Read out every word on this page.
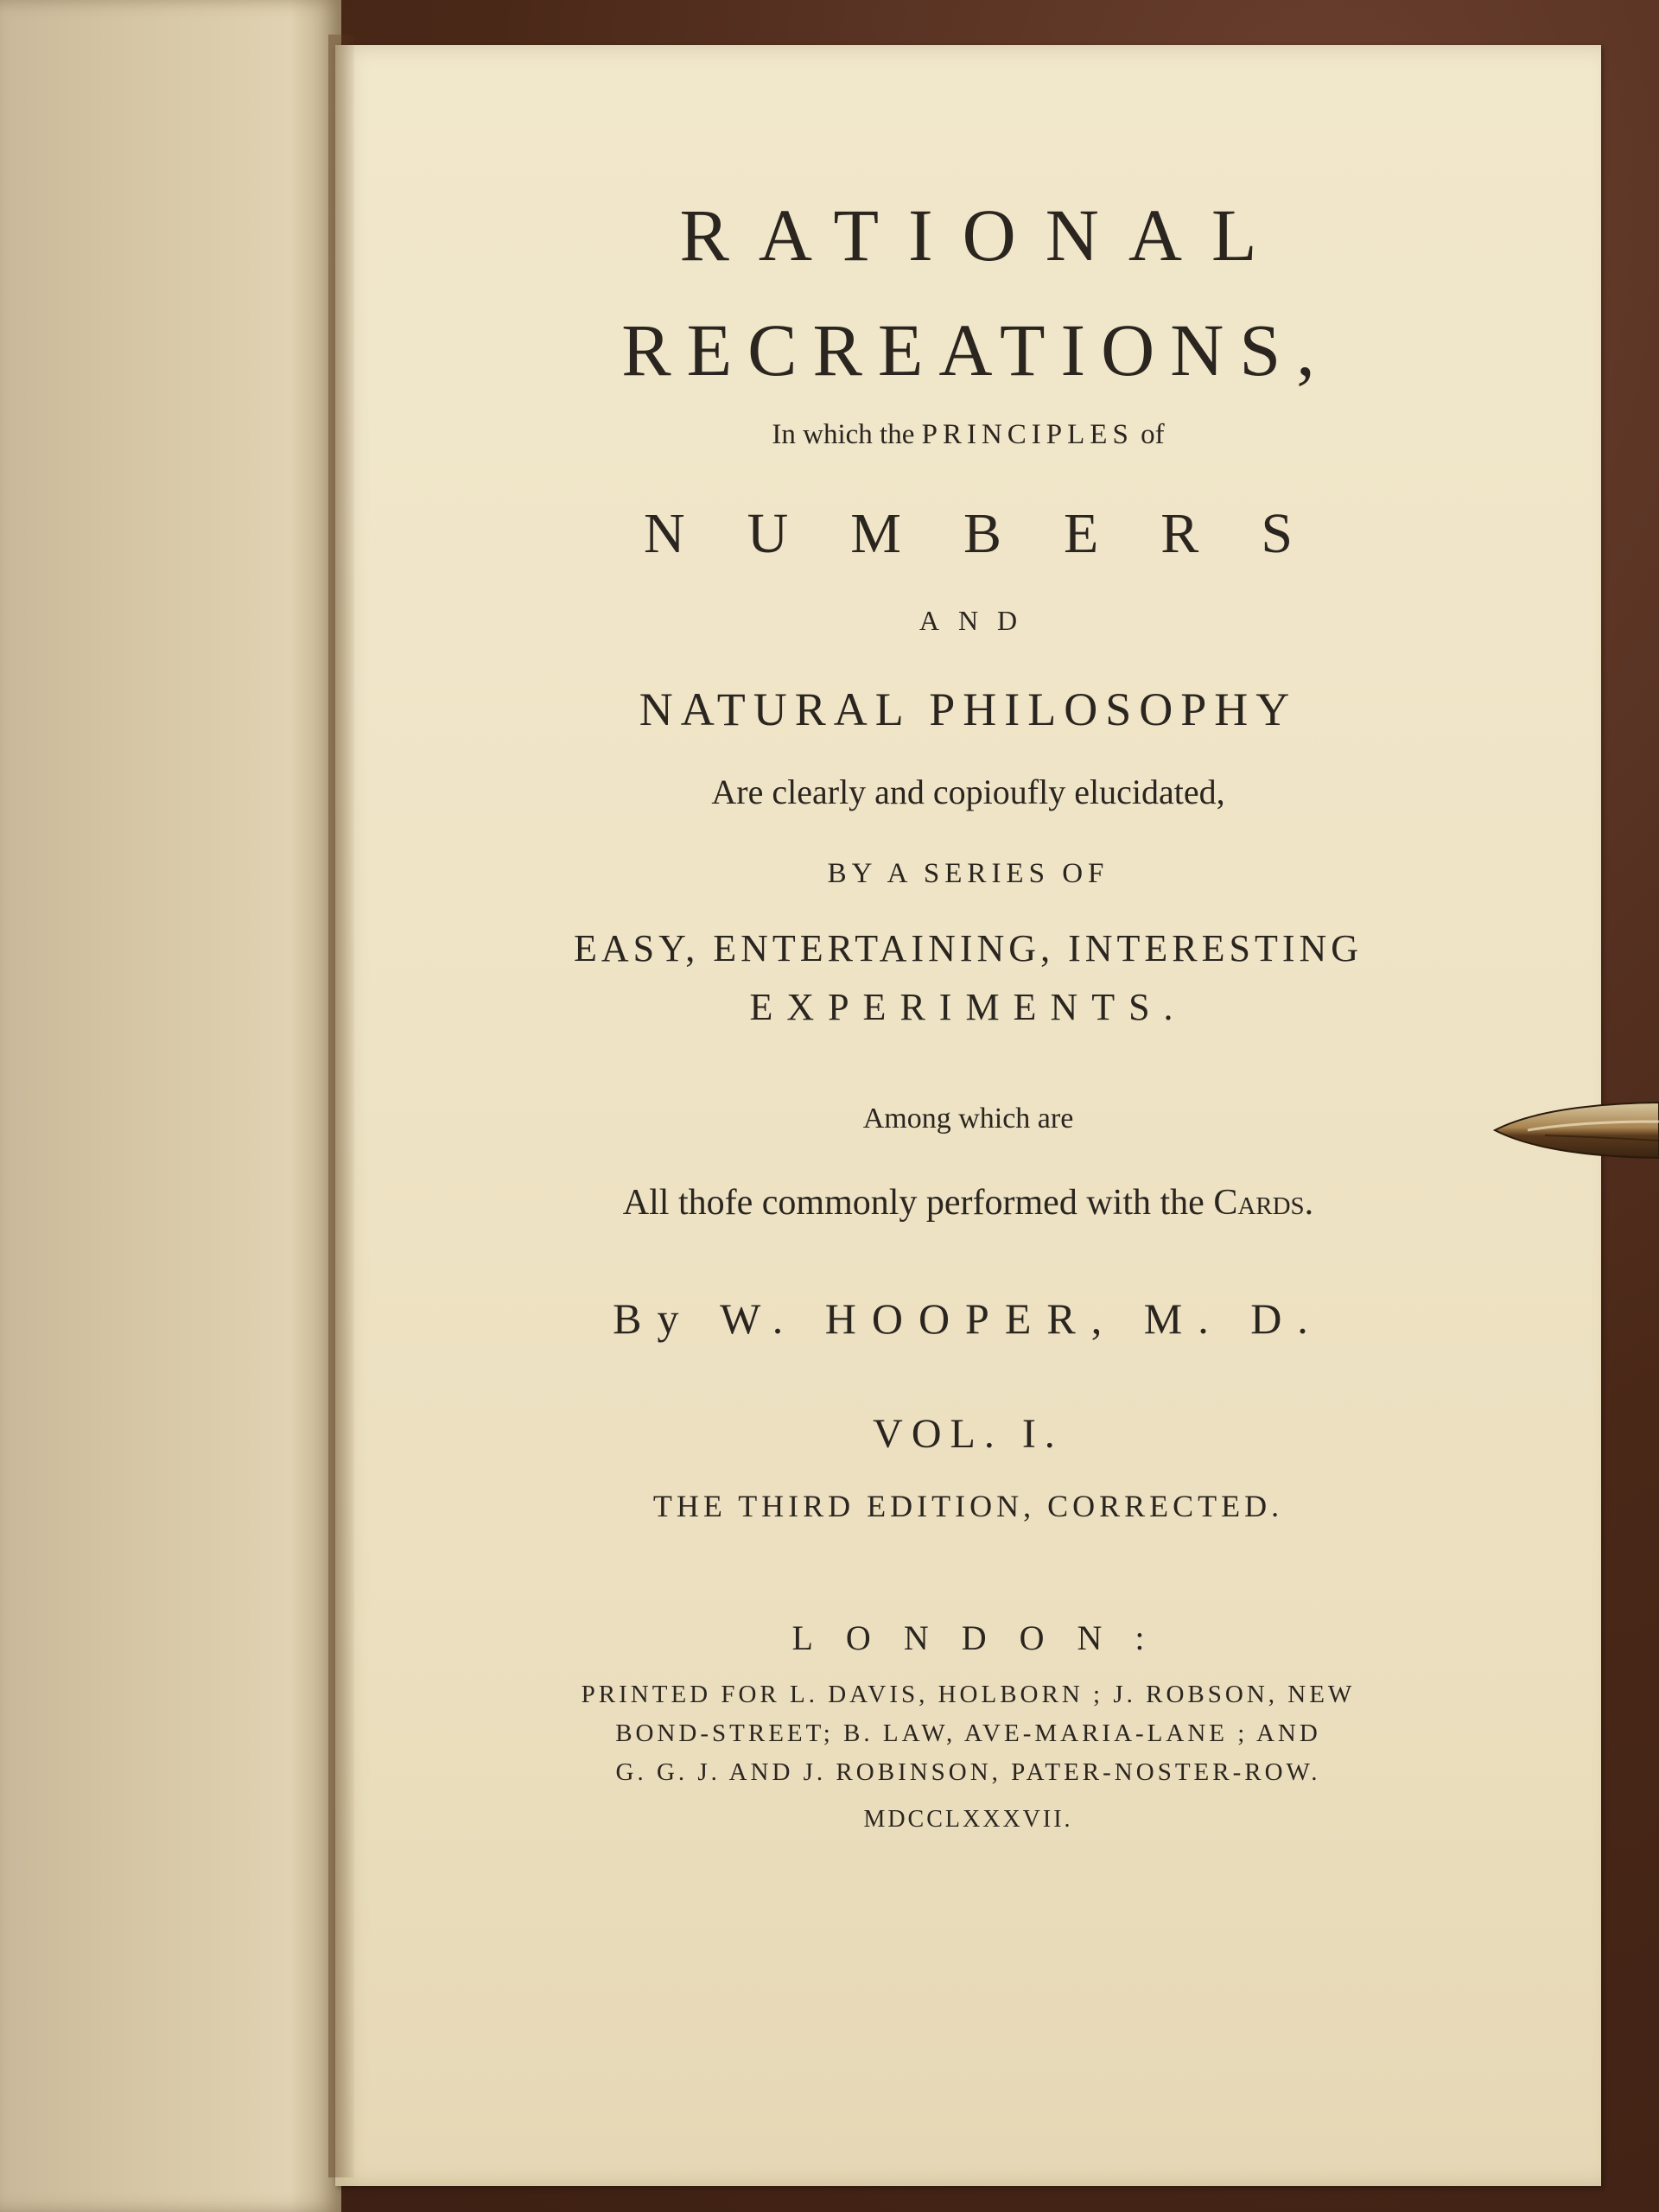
RATIONAL

RECREATIONS,

In which the PRINCIPLES of

NUMBERS

AND

NATURAL PHILOSOPHY

Are clearly and copioufly elucidated,

BY A SERIES OF

EASY, ENTERTAINING, INTERESTING

EXPERIMENTS.

Among which are

All thofe commonly performed with the Cards.

By W. HOOPER, M. D.

VOL. I.

THE THIRD EDITION, CORRECTED.

LONDON:

PRINTED FOR L. DAVIS, HOLBORN ; J. ROBSON, NEW

BOND-STREET; B. LAW, AVE-MARIA-LANE ; AND

G. G. J. AND J. ROBINSON, PATER-NOSTER-ROW.

MDCCLXXXVII.
